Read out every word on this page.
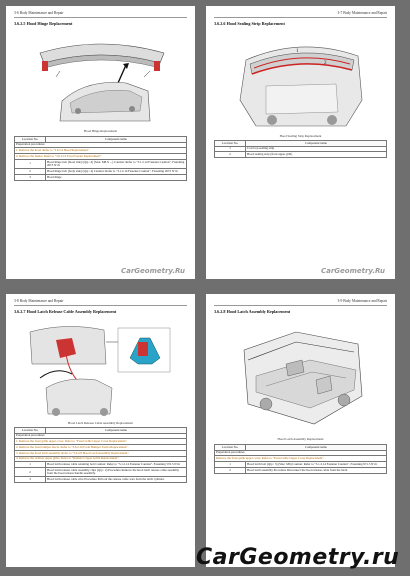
3-6 Body Maintenance and Repair
3.6.2.5 Hood Hinge Replacement
Hood Hinge Replacement
Location No.	Component name
Preparation procedures	
1. Remove the hood. Refer to "3.6.2.4 Hood Replacement".	
2. Remove the fender. Refer to "3.6.2.16 Front Fender Replacement".	
1	Hood hinge bolt (hood side) (Qty.: 4) (Size: M8 X ...) Caution: Refer to "3.1.2.14 Fastener Caution". Fastening 26±5 N·m
2	Hood hinge bolt (body side) (Qty.: 4) Caution: Refer to "3.1.2.14 Fastener Caution". Fastening 26±5 N·m
3	Hood hinge
CarGeometry.Ru
3-7 Body Maintenance and Repair
3.6.2.6 Hood Sealing Strip Replacement
1
2
Hood Sealing Strip Replacement
Location No.	Component name
1	Cowl top sealing strip
2	Hood sealing strip (front upper grill)
CarGeometry.Ru
3-8 Body Maintenance and Repair
3.6.2.7 Hood Latch Release Cable Assembly Replacement
Hood Latch Release Cable Assembly Replacement
Location No.	Component name
Preparation procedures	
1. Remove the front grille upper cover. Refer to "Front Grille Upper Cover Replacement".	
2. Remove the front bumper fascia. Refer to "3.6.2.10 Front Bumper Fascia Replacement".	
3. Remove the hood latch assembly. Refer to "3.6.2.8 Hood Latch Assembly Replacement".	
4. Remove the radiator upper grille. Refer to "Radiator Upper Grille Replacement".	
1	Hood latch release cable retaining bolt Caution: Refer to "3.1.2.14 Fastener Caution". Fastening 5±0.5 N·m
2	Hood latch release cable assembly clips (Qty.: 2) Procedure Remove the hood latch release cable assembly from the hood release handle assembly.
3	Hood latch release cable wire Procedure Pull out the release cable wire from the latch cylinder.
3-9 Body Maintenance and Repair
3.6.2.8 Hood Latch Assembly Replacement
Hood Latch Assembly Replacement
Location No.	Component name
Preparation procedures	
Remove the front grille upper cover. Refer to "Front Grille Upper Cover Replacement".	
1	Hood latch bolt (Qty.: 3) (Size: M6) Caution: Refer to "3.1.2.14 Fastener Caution". Fastening 9±1.5 N·m
2	Hood latch assembly Procedure Disconnect the hood release cable from the latch.
CarGeometry.ru
